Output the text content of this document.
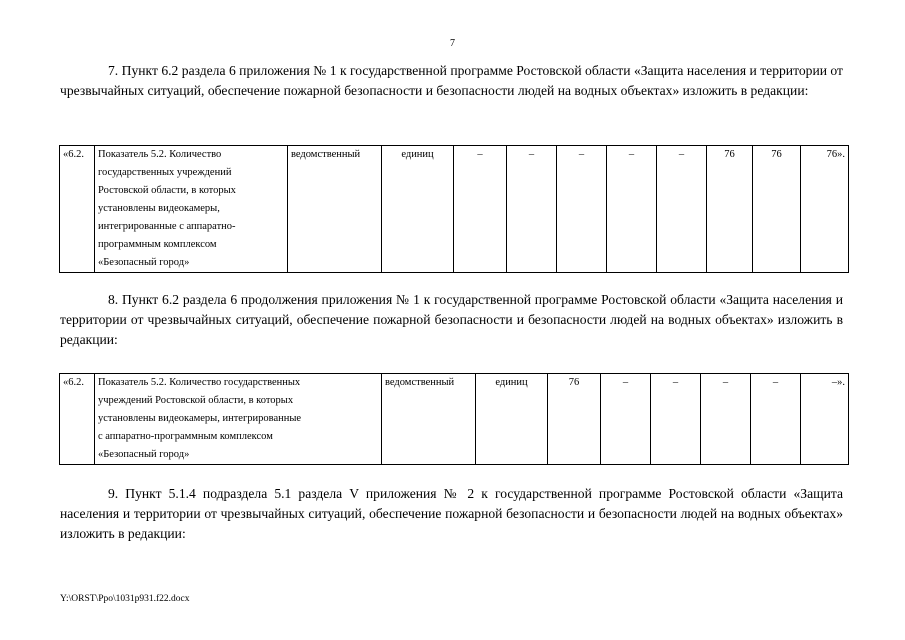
7
7. Пункт 6.2 раздела 6 приложения № 1 к государственной программе Ростовской области «Защита населения и территории от чрезвычайных ситуаций, обеспечение пожарной безопасности и безопасности людей на водных объектах» изложить в редакции:
«6.2.	Показатель 5.2. Количество
государственных учреждений
Ростовской области, в которых
установлены видеокамеры,
интегрированные с аппаратно-
программным комплексом
«Безопасный город»
	ведомственный	единиц	–	–	–	–	–	76	76	76».
8. Пункт 6.2 раздела 6 продолжения приложения № 1 к государственной программе Ростовской области «Защита населения и территории от чрезвычайных ситуаций, обеспечение пожарной безопасности и безопасности людей на водных объектах» изложить в редакции:
«6.2.	Показатель 5.2. Количество государственных
учреждений Ростовской области, в которых
установлены видеокамеры, интегрированные
с аппаратно-программным комплексом
«Безопасный город»
	ведомственный	единиц	76	–	–	–	–	–».
9. Пункт 5.1.4 подраздела 5.1 раздела V приложения № 2 к государственной программе Ростовской области «Защита населения и территории от чрезвычайных ситуаций, обеспечение пожарной безопасности и безопасности людей на водных объектах» изложить в редакции:
Y:\ORST\Ppo\1031p931.f22.docx
